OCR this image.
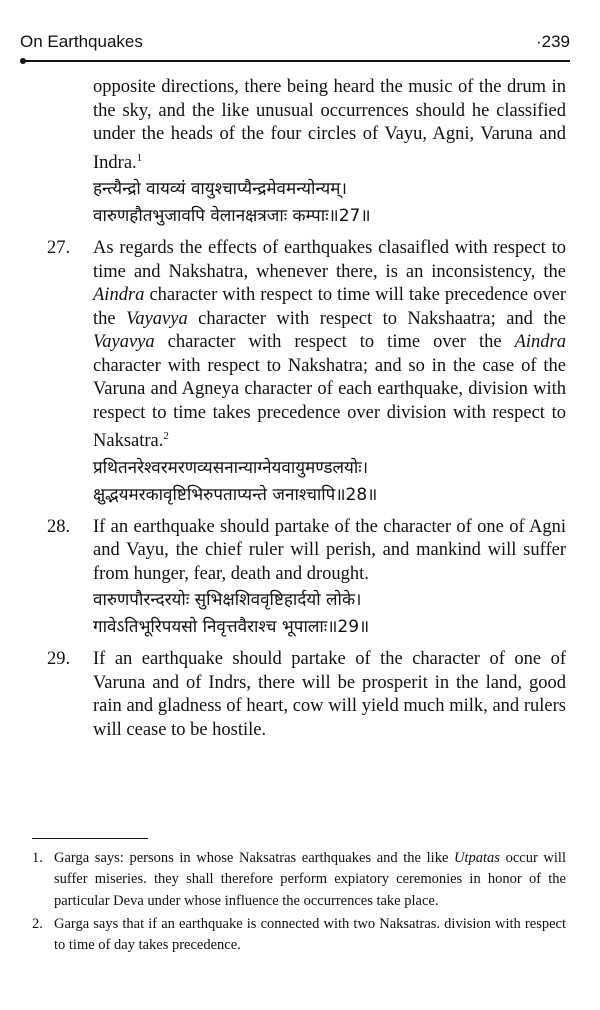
On Earthquakes	·239

opposite directions, there being heard the music of the drum in the sky, and the like unusual occurrences should he classified under the heads of the four circles of Vayu, Agni, Varuna and Indra.$^1$

हन्त्यैन्द्रो वायव्यं वायुश्चाप्यैन्द्रमेवमन्योन्यम्।

वारुणहौतभुजावपि वेलानक्षत्रजाः कम्पाः॥27॥

27. As regards the effects of earthquakes clasaifled with respect to time and Nakshatra, whenever there, is an inconsistency, the Aindra character with respect to time will take precedence over the Vayavya character with respect to Nakshaatra; and the Vayavya character with respect to time over the Aindra character with respect to Nakshatra; and so in the case of the Varuna and Agneya character of each earthquake, division with respect to time takes precedence over division with respect to Naksatra.$^2$

प्रथितनरेश्वरमरणव्यसनान्याग्नेयवायुमण्डलयोः।

क्षुद्भयमरकावृष्टिभिरुपताप्यन्ते जनाश्चापि॥28॥

28. If an earthquake should partake of the character of one of Agni and Vayu, the chief ruler will perish, and mankind will suffer from hunger, fear, death and drought.

वारुणपौरन्दरयोः सुभिक्षशिववृष्टिहार्दयो लोके।

गावेऽतिभूरिपयसो निवृत्तवैराश्च भूपालाः॥29॥

29. If an earthquake should partake of the character of one of Varuna and of Indrs, there will be prosperit in the land, good rain and gladness of heart, cow will yield much milk, and rulers will cease to be hostile.

1. Garga says: persons in whose Naksatras earthquakes and the like Utpatas occur will suffer miseries. they shall therefore perform expiatory ceremonies in honor of the particular Deva under whose influence the occurrences take place.

2. Garga says that if an earthquake is connected with two Naksatras. division with respect to time of day takes precedence.
